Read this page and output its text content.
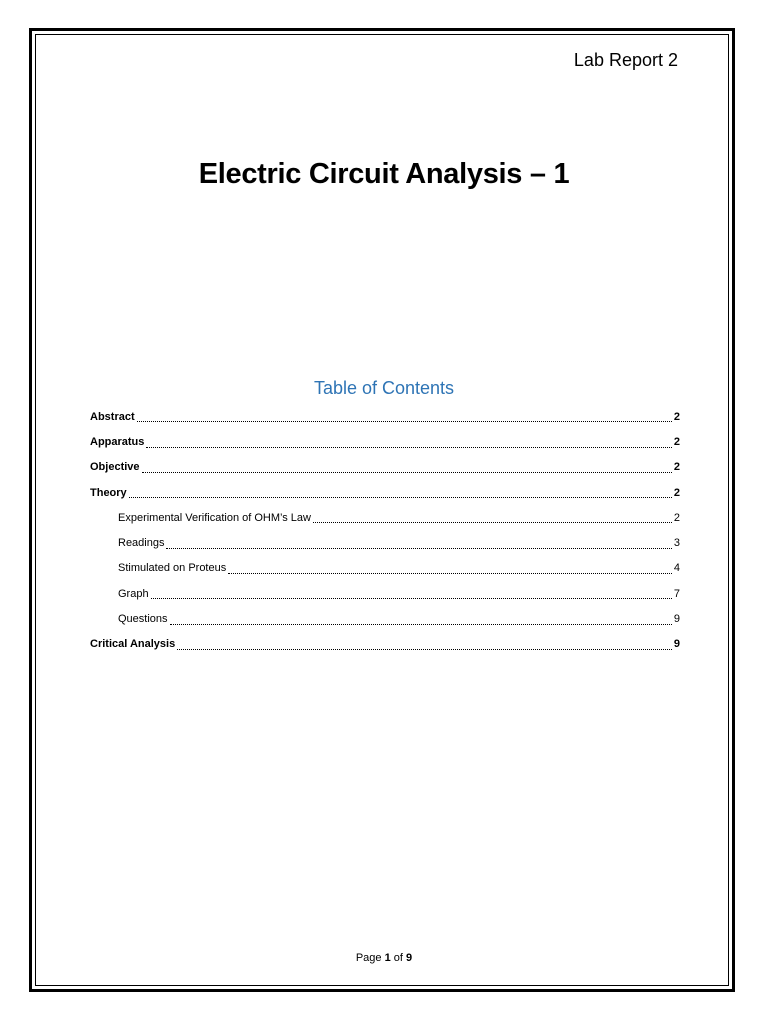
Lab Report 2
Electric Circuit Analysis – 1
Table of Contents
Abstract	2
Apparatus	2
Objective	2
Theory	2
Experimental Verification of OHM’s Law	2
Readings	3
Stimulated on Proteus	4
Graph	7
Questions	9
Critical Analysis	9
Page 1 of 9
